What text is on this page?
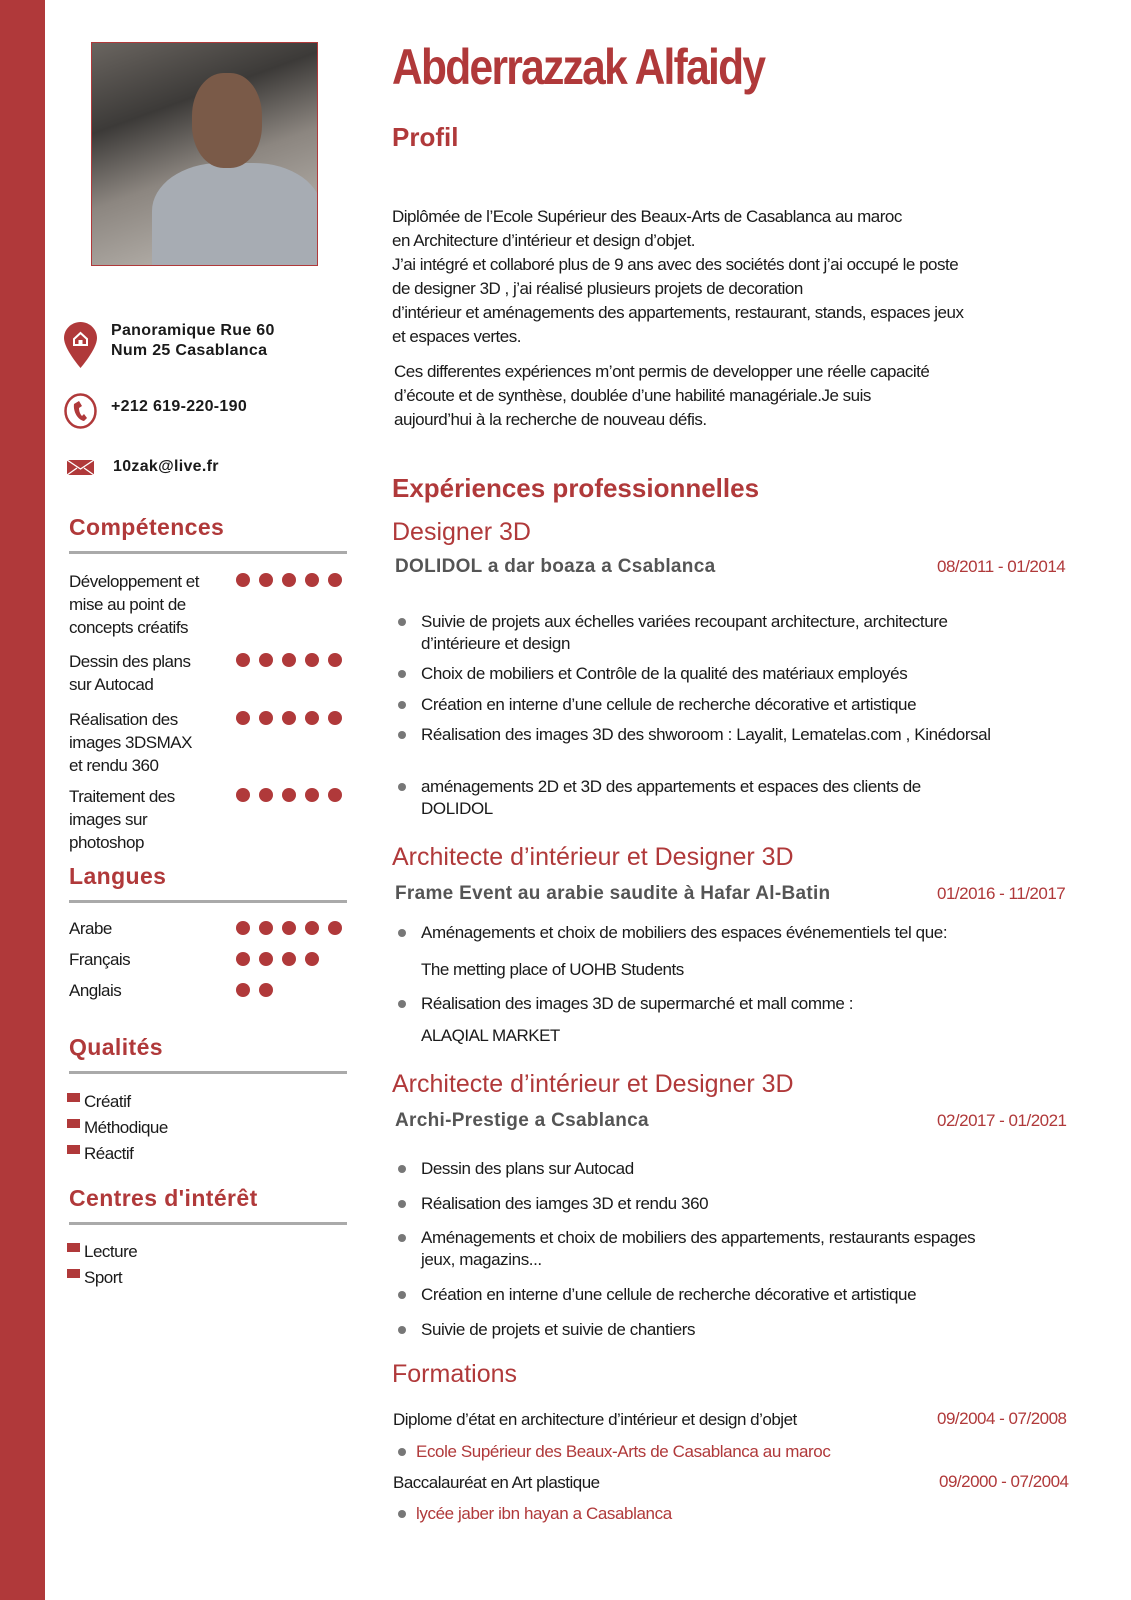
Panoramique Rue 60
Num 25 Casablanca
+212 619-220-190
10zak@live.fr
Compétences
Développement et mise au point de concepts créatifs
Dessin des plans sur Autocad
Réalisation des images 3DSMAX et rendu 360
Traitement des images sur photoshop
Langues
Arabe
Français
Anglais
Qualités
Créatif
Méthodique
Réactif
Centres d'intérêt
Lecture
Sport
Abderrazzak Alfaidy
Profil
Diplômée de l’Ecole Supérieur des Beaux-Arts de Casablanca au maroc
en Architecture d’intérieur et design d’objet.
J’ai intégré et collaboré plus de 9 ans avec des sociétés dont j’ai occupé le poste
de designer 3D , j’ai réalisé plusieurs projets de decoration
d’intérieur et aménagements des appartements, restaurant, stands, espaces jeux
et espaces vertes.
Ces differentes expériences m’ont permis de developper une réelle capacité
d’écoute et de synthèse, doublée d’une habilité managériale.Je suis
aujourd’hui à la recherche de nouveau défis.
Expériences professionnelles
Designer 3D
DOLIDOL a dar boaza a Csablanca	08/2011 - 01/2014
Suivie de projets aux échelles variées recoupant architecture, architecture d’intérieure et design
Choix de mobiliers et Contrôle de la qualité des matériaux employés
Création en interne d’une cellule de recherche décorative et artistique
Réalisation des images 3D des shworoom : Layalit, Lematelas.com , Kinédorsal
aménagements 2D et 3D des appartements et espaces des clients de DOLIDOL
Architecte d’intérieur et Designer 3D
Frame Event au arabie saudite à Hafar Al-Batin	01/2016 - 11/2017
Aménagements et choix de mobiliers des espaces événementiels tel que:
Réalisation des images 3D de supermarché et mall comme :
The metting place of UOHB Students
ALAQIAL MARKET
Architecte d’intérieur et Designer 3D
Archi-Prestige a Csablanca	02/2017 - 01/2021
Dessin des plans sur Autocad
Réalisation des iamges 3D et rendu 360
Aménagements et choix de mobiliers des appartements, restaurants espages jeux, magazins...
Création en interne d’une cellule de recherche décorative et artistique
Suivie de projets et suivie de chantiers
Formations
Diplome d’état en architecture d’intérieur et design d’objet	09/2004 - 07/2008
Ecole Supérieur des Beaux-Arts de Casablanca au maroc
Baccalauréat en Art plastique	09/2000 - 07/2004
lycée jaber ibn hayan a Casablanca
